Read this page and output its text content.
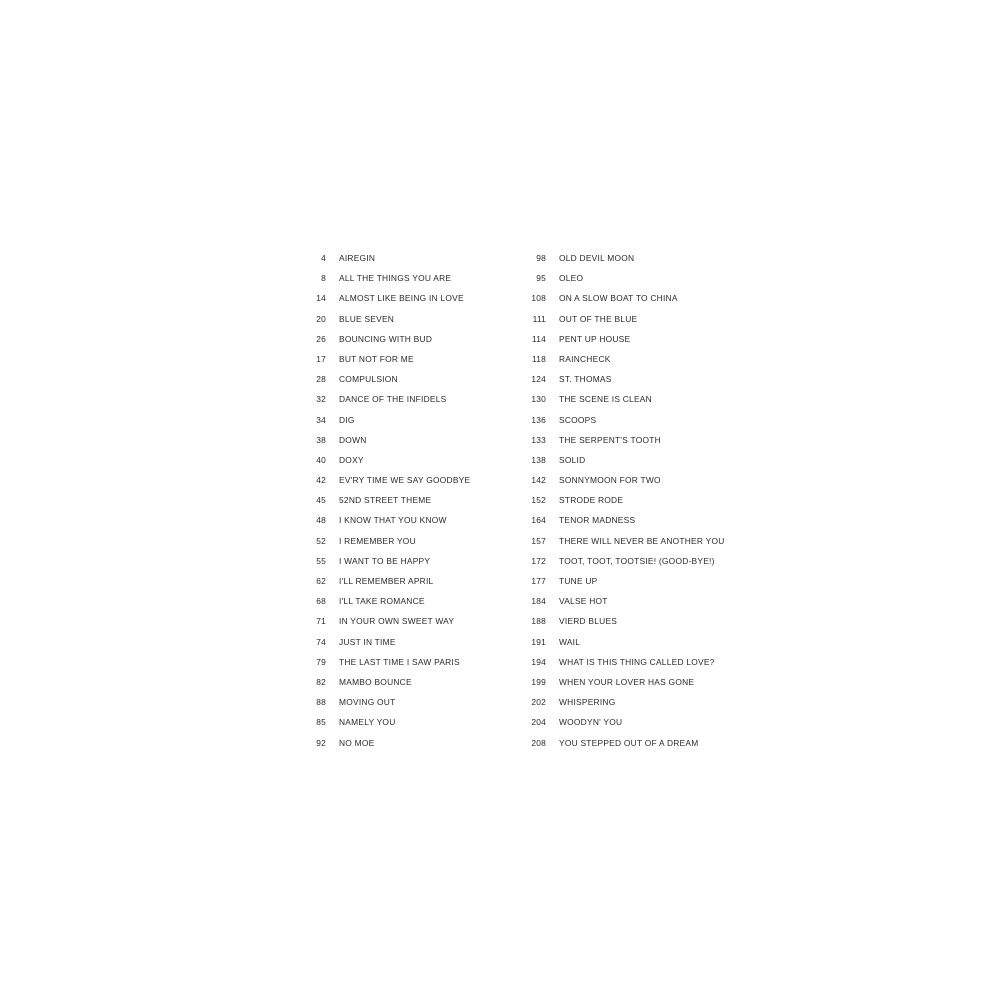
4 AIREGIN
8 ALL THE THINGS YOU ARE
14 ALMOST LIKE BEING IN LOVE
20 BLUE SEVEN
26 BOUNCING WITH BUD
17 BUT NOT FOR ME
28 COMPULSION
32 DANCE OF THE INFIDELS
34 DIG
38 DOWN
40 DOXY
42 EV'RY TIME WE SAY GOODBYE
45 52ND STREET THEME
48 I KNOW THAT YOU KNOW
52 I REMEMBER YOU
55 I WANT TO BE HAPPY
62 I'LL REMEMBER APRIL
68 I'LL TAKE ROMANCE
71 IN YOUR OWN SWEET WAY
74 JUST IN TIME
79 THE LAST TIME I SAW PARIS
82 MAMBO BOUNCE
88 MOVING OUT
85 NAMELY YOU
92 NO MOE
98 OLD DEVIL MOON
95 OLEO
108 ON A SLOW BOAT TO CHINA
111 OUT OF THE BLUE
114 PENT UP HOUSE
118 RAINCHECK
124 ST. THOMAS
130 THE SCENE IS CLEAN
136 SCOOPS
133 THE SERPENT'S TOOTH
138 SOLID
142 SONNYMOON FOR TWO
152 STRODE RODE
164 TENOR MADNESS
157 THERE WILL NEVER BE ANOTHER YOU
172 TOOT, TOOT, TOOTSIE! (GOOD-BYE!)
177 TUNE UP
184 VALSE HOT
188 VIERD BLUES
191 WAIL
194 WHAT IS THIS THING CALLED LOVE?
199 WHEN YOUR LOVER HAS GONE
202 WHISPERING
204 WOODYN' YOU
208 YOU STEPPED OUT OF A DREAM
